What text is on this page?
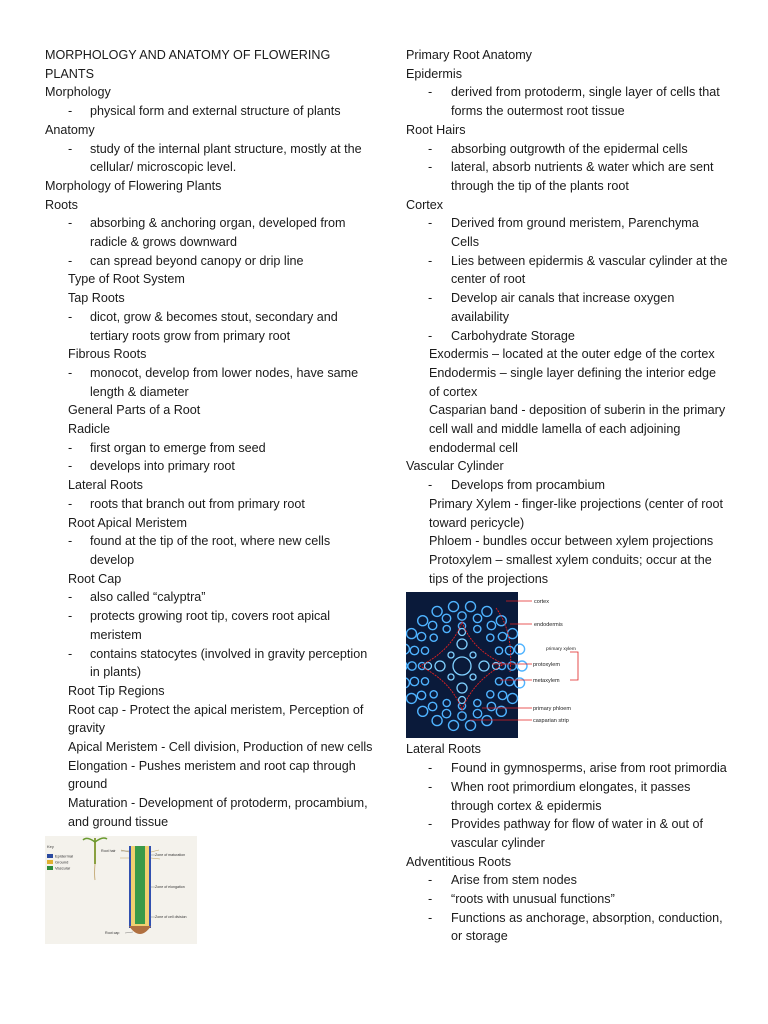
MORPHOLOGY AND ANATOMY OF FLOWERING PLANTS
Morphology
- physical form and external structure of plants
Anatomy
- study of the internal plant structure, mostly at the cellular/ microscopic level.
Morphology of Flowering Plants
Roots
- absorbing & anchoring organ, developed from radicle & grows downward
- can spread beyond canopy or drip line
Type of Root System
Tap Roots
- dicot, grow & becomes stout, secondary and tertiary roots grow from primary root
Fibrous Roots
- monocot, develop from lower nodes, have same length & diameter
General Parts of a Root
Radicle
- first organ to emerge from seed
- develops into primary root
Lateral Roots
- roots that branch out from primary root
Root Apical Meristem
- found at the tip of the root, where new cells develop
Root Cap
- also called “calyptra”
- protects growing root tip, covers root apical meristem
- contains statocytes (involved in gravity perception in plants)
Root Tip Regions
Root cap - Protect the apical meristem, Perception of gravity
Apical Meristem - Cell division, Production of new cells
Elongation - Pushes meristem and root cap through ground
Maturation - Development of protoderm, procambium, and ground tissue
Key
Epidermal
Ground
Vascular
Zone of maturation
Zone of elongation
Zone of cell division
Root hair
Root cap
Primary Root Anatomy
Epidermis
- derived from protoderm, single layer of cells that forms the outermost root tissue
Root Hairs
- absorbing outgrowth of the epidermal cells
- lateral, absorb nutrients & water which are sent through the tip of the plants root
Cortex
- Derived from ground meristem, Parenchyma Cells
- Lies between epidermis & vascular cylinder at the center of root
- Develop air canals that increase oxygen availability
- Carbohydrate Storage
Exodermis – located at the outer edge of the cortex
Endodermis – single layer defining the interior edge of cortex
Casparian band - deposition of suberin in the primary cell wall and middle lamella of each adjoining endodermal cell
Vascular Cylinder
- Develops from procambium
Primary Xylem - finger-like projections (center of root toward pericycle)
Phloem - bundles occur between xylem projections
Protoxylem – smallest xylem conduits; occur at the tips of the projections
cortex
endodermis
primary xylem
protoxylem
metaxylem
primary phloem
casparian strip
Lateral Roots
- Found in gymnosperms, arise from root primordia
- When root primordium elongates, it passes through cortex & epidermis
- Provides pathway for flow of water in & out of vascular cylinder
Adventitious Roots
- Arise from stem nodes
- “roots with unusual functions”
- Functions as anchorage, absorption, conduction, or storage
